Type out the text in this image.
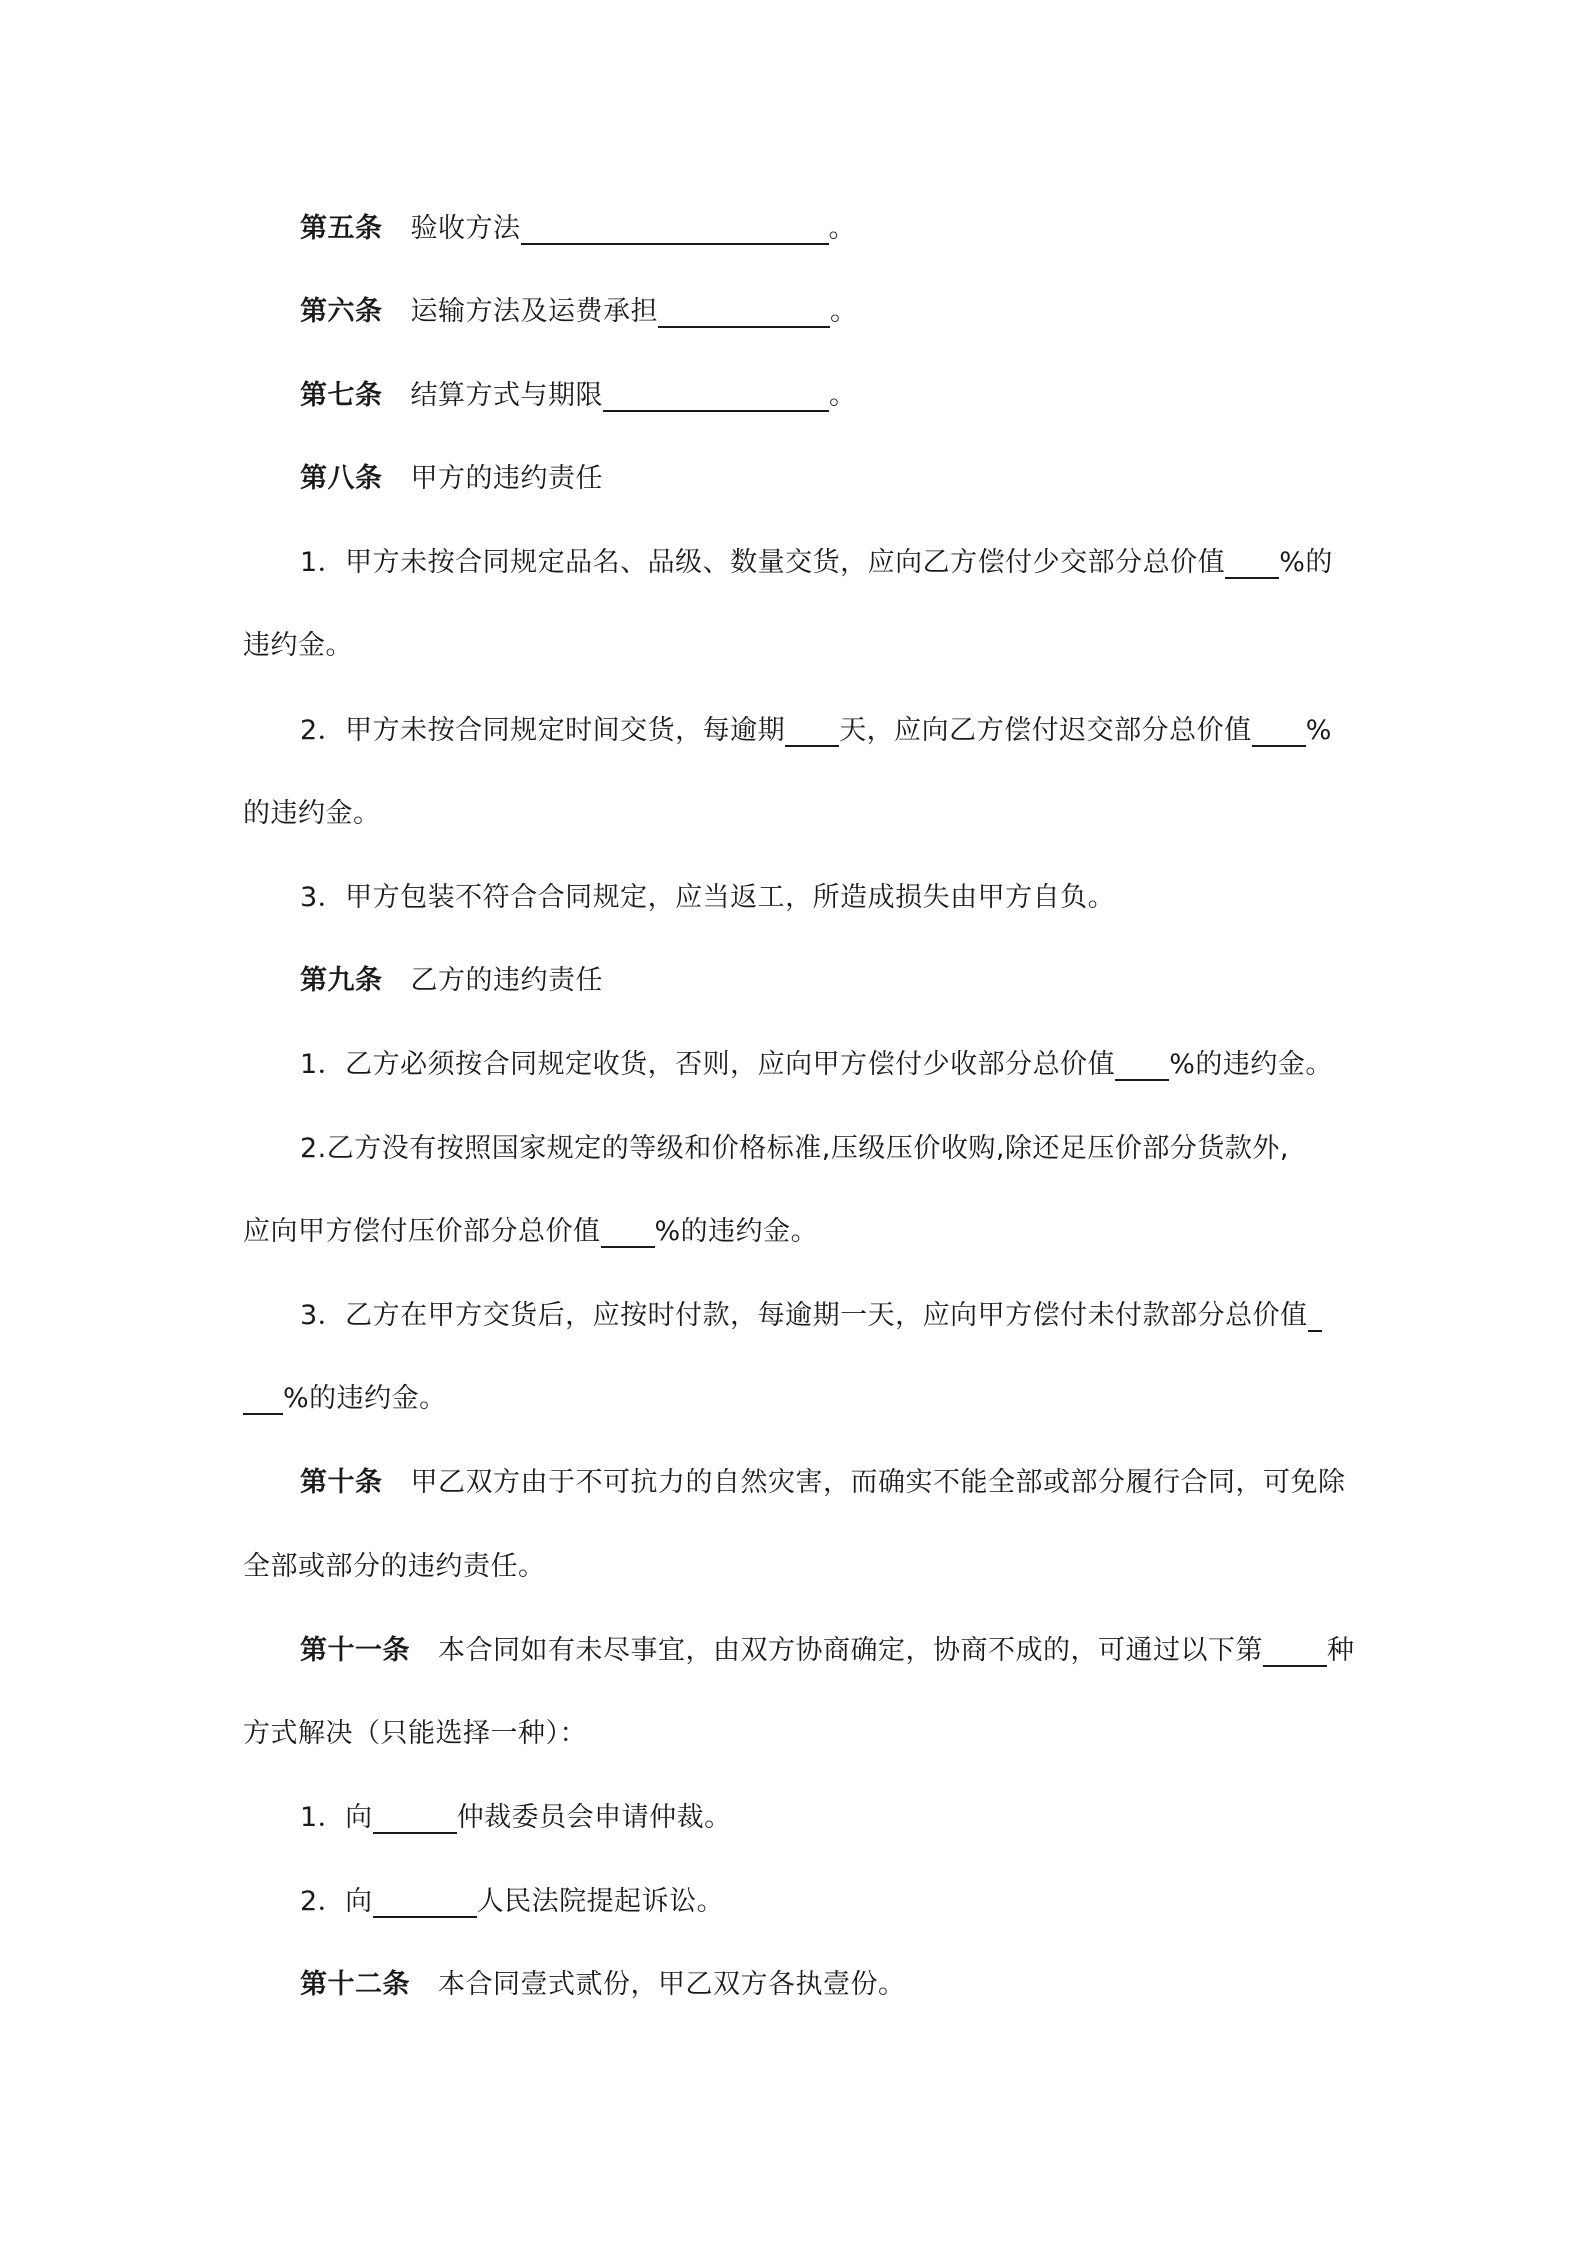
第五条 验收方法	。
第六条 运输方法及运费承担	。
第七条 结算方式与期限	。
第八条 甲方的违约责任
1．甲方未按合同规定品名、品级、数量交货，应向乙方偿付少交部分总价值 %的
违约金。
2．甲方未按合同规定时间交货，每逾期 天，应向乙方偿付迟交部分总价值 %
的违约金。
3．甲方包装不符合合同规定，应当返工，所造成损失由甲方自负。
第九条 乙方的违约责任
1．乙方必须按合同规定收货，否则，应向甲方偿付少收部分总价值 %的违约金。
2.乙方没有按照国家规定的等级和价格标准,压级压价收购,除还足压价部分货款外,
应向甲方偿付压价部分总价值 %的违约金。
3．乙方在甲方交货后，应按时付款，每逾期一天，应向甲方偿付未付款部分总价值
%的违约金。
第十条 甲乙双方由于不可抗力的自然灾害，而确实不能全部或部分履行合同，可免除
全部或部分的违约责任。
第十一条 本合同如有未尽事宜，由双方协商确定，协商不成的，可通过以下第 种
方式解决（只能选择一种）：
1．向	仲裁委员会申请仲裁。
2．向	人民法院提起诉讼。
第十二条 本合同壹式贰份，甲乙双方各执壹份。
